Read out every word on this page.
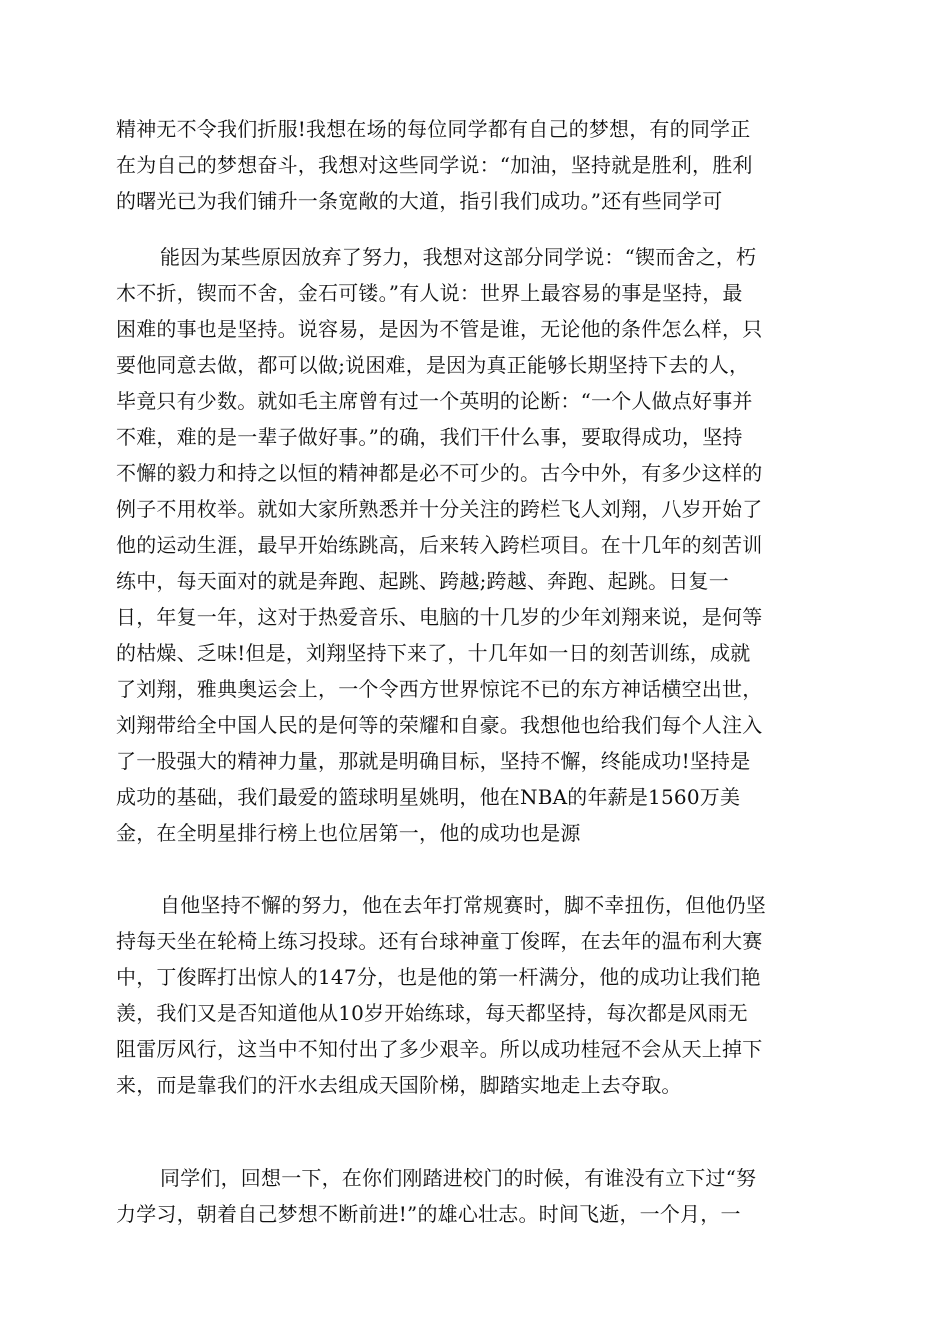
精神无不令我们折服!我想在场的每位同学都有自己的梦想，有的同学正
在为自己的梦想奋斗，我想对这些同学说：“加油，坚持就是胜利，胜利
的曙光已为我们铺升一条宽敞的大道，指引我们成功。”还有些同学可
能因为某些原因放弃了努力，我想对这部分同学说：“锲而舍之，朽
木不折，锲而不舍，金石可镂。”有人说：世界上最容易的事是坚持，最
困难的事也是坚持。说容易，是因为不管是谁，无论他的条件怎么样，只
要他同意去做，都可以做;说困难，是因为真正能够长期坚持下去的人，
毕竟只有少数。就如毛主席曾有过一个英明的论断：“一个人做点好事并
不难，难的是一辈子做好事。”的确，我们干什么事，要取得成功，坚持
不懈的毅力和持之以恒的精神都是必不可少的。古今中外，有多少这样的
例子不用枚举。就如大家所熟悉并十分关注的跨栏飞人刘翔，八岁开始了
他的运动生涯，最早开始练跳高，后来转入跨栏项目。在十几年的刻苦训
练中，每天面对的就是奔跑、起跳、跨越;跨越、奔跑、起跳。日复一
日，年复一年，这对于热爱音乐、电脑的十几岁的少年刘翔来说，是何等
的枯燥、乏味!但是，刘翔坚持下来了，十几年如一日的刻苦训练，成就
了刘翔，雅典奥运会上，一个令西方世界惊诧不已的东方神话横空出世，
刘翔带给全中国人民的是何等的荣耀和自豪。我想他也给我们每个人注入
了一股强大的精神力量，那就是明确目标，坚持不懈，终能成功!坚持是
成功的基础，我们最爱的篮球明星姚明，他在NBA的年薪是1560万美
金，在全明星排行榜上也位居第一，他的成功也是源
自他坚持不懈的努力，他在去年打常规赛时，脚不幸扭伤，但他仍坚
持每天坐在轮椅上练习投球。还有台球神童丁俊晖，在去年的温布利大赛
中，丁俊晖打出惊人的147分，也是他的第一杆满分，他的成功让我们艳
羡，我们又是否知道他从10岁开始练球，每天都坚持，每次都是风雨无
阻雷厉风行，这当中不知付出了多少艰辛。所以成功桂冠不会从天上掉下
来，而是靠我们的汗水去组成天国阶梯，脚踏实地走上去夺取。
同学们，回想一下，在你们刚踏进校门的时候，有谁没有立下过“努
力学习，朝着自己梦想不断前进!”的雄心壮志。时间飞逝，一个月，一
